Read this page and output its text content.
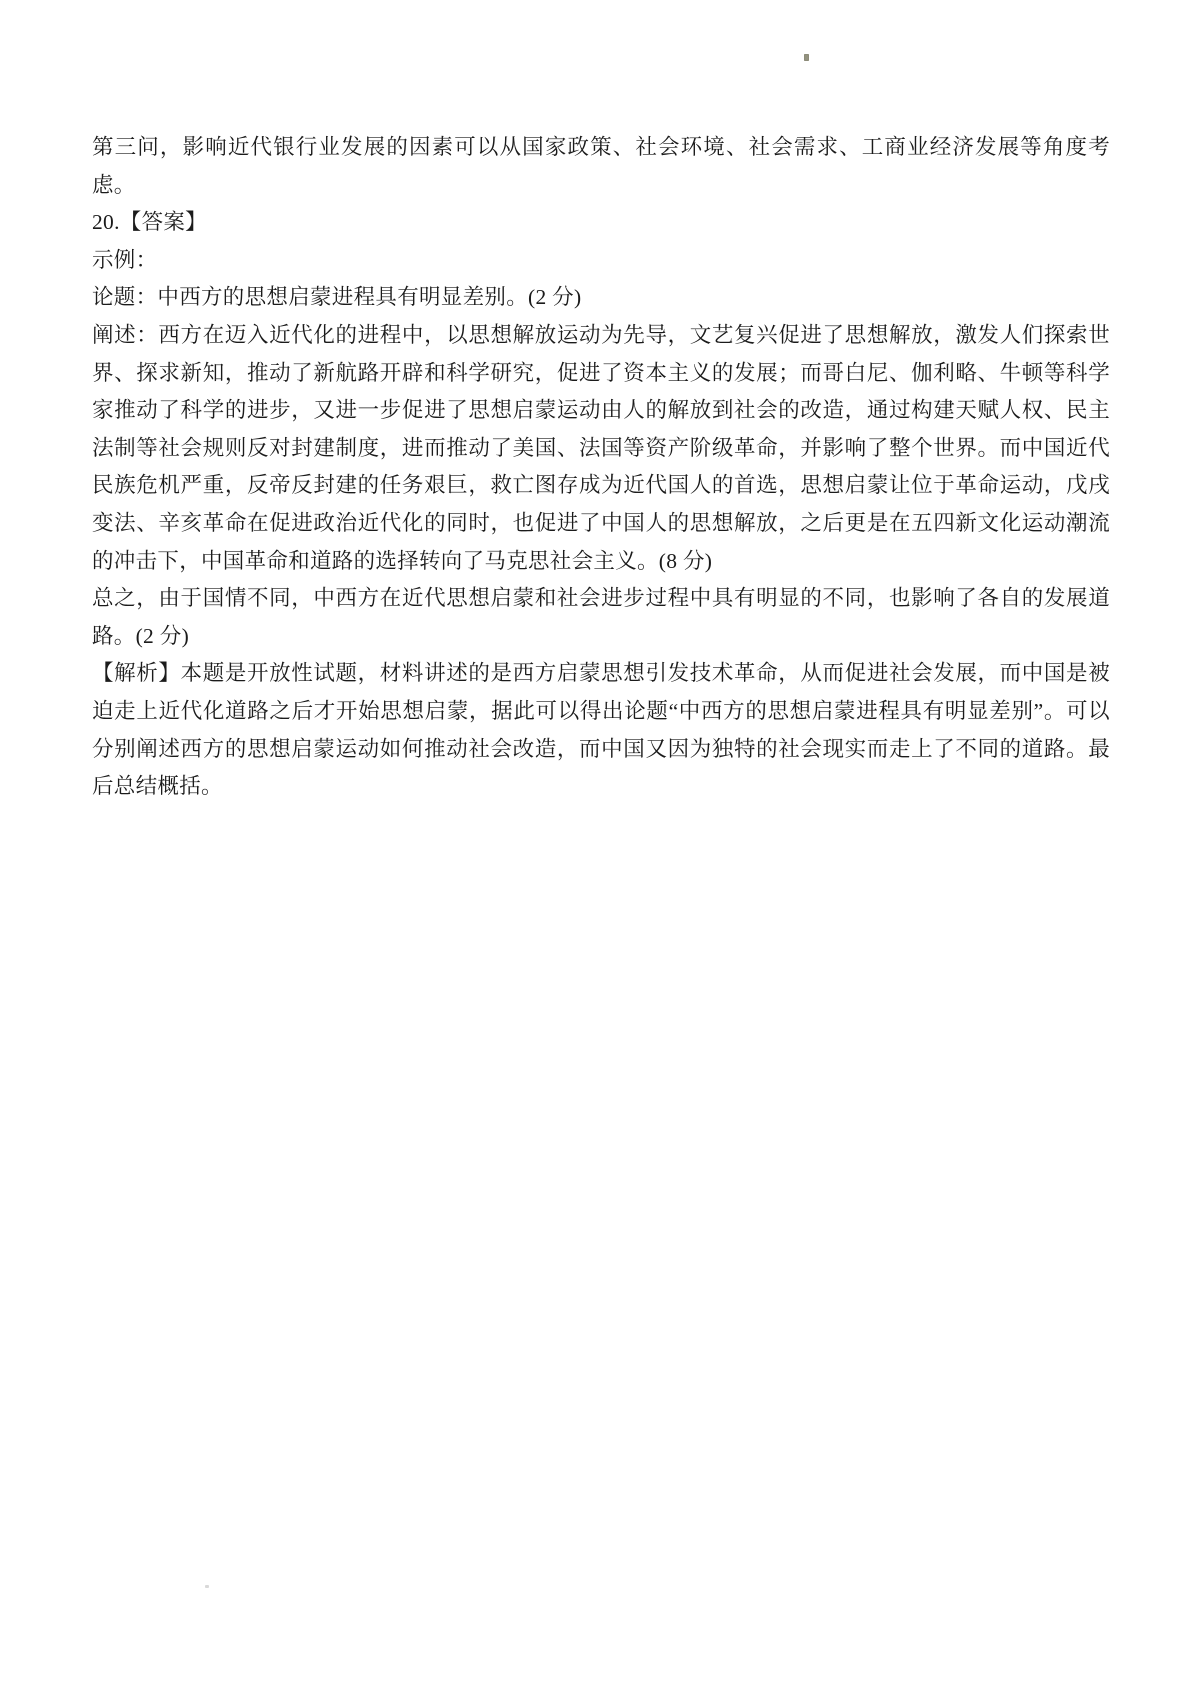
第三问，影响近代银行业发展的因素可以从国家政策、社会环境、社会需求、工商业经济发展等角度考虑。

20.【答案】

示例：

论题：中西方的思想启蒙进程具有明显差别。(2 分)

阐述：西方在迈入近代化的进程中，以思想解放运动为先导，文艺复兴促进了思想解放，激发人们探索世界、探求新知，推动了新航路开辟和科学研究，促进了资本主义的发展；而哥白尼、伽利略、牛顿等科学家推动了科学的进步，又进一步促进了思想启蒙运动由人的解放到社会的改造，通过构建天赋人权、民主法制等社会规则反对封建制度，进而推动了美国、法国等资产阶级革命，并影响了整个世界。而中国近代民族危机严重，反帝反封建的任务艰巨，救亡图存成为近代国人的首选，思想启蒙让位于革命运动，戊戌变法、辛亥革命在促进政治近代化的同时，也促进了中国人的思想解放，之后更是在五四新文化运动潮流的冲击下，中国革命和道路的选择转向了马克思社会主义。(8 分)

总之，由于国情不同，中西方在近代思想启蒙和社会进步过程中具有明显的不同，也影响了各自的发展道路。(2 分)

【解析】本题是开放性试题，材料讲述的是西方启蒙思想引发技术革命，从而促进社会发展，而中国是被迫走上近代化道路之后才开始思想启蒙，据此可以得出论题“中西方的思想启蒙进程具有明显差别”。可以分别阐述西方的思想启蒙运动如何推动社会改造，而中国又因为独特的社会现实而走上了不同的道路。最后总结概括。
